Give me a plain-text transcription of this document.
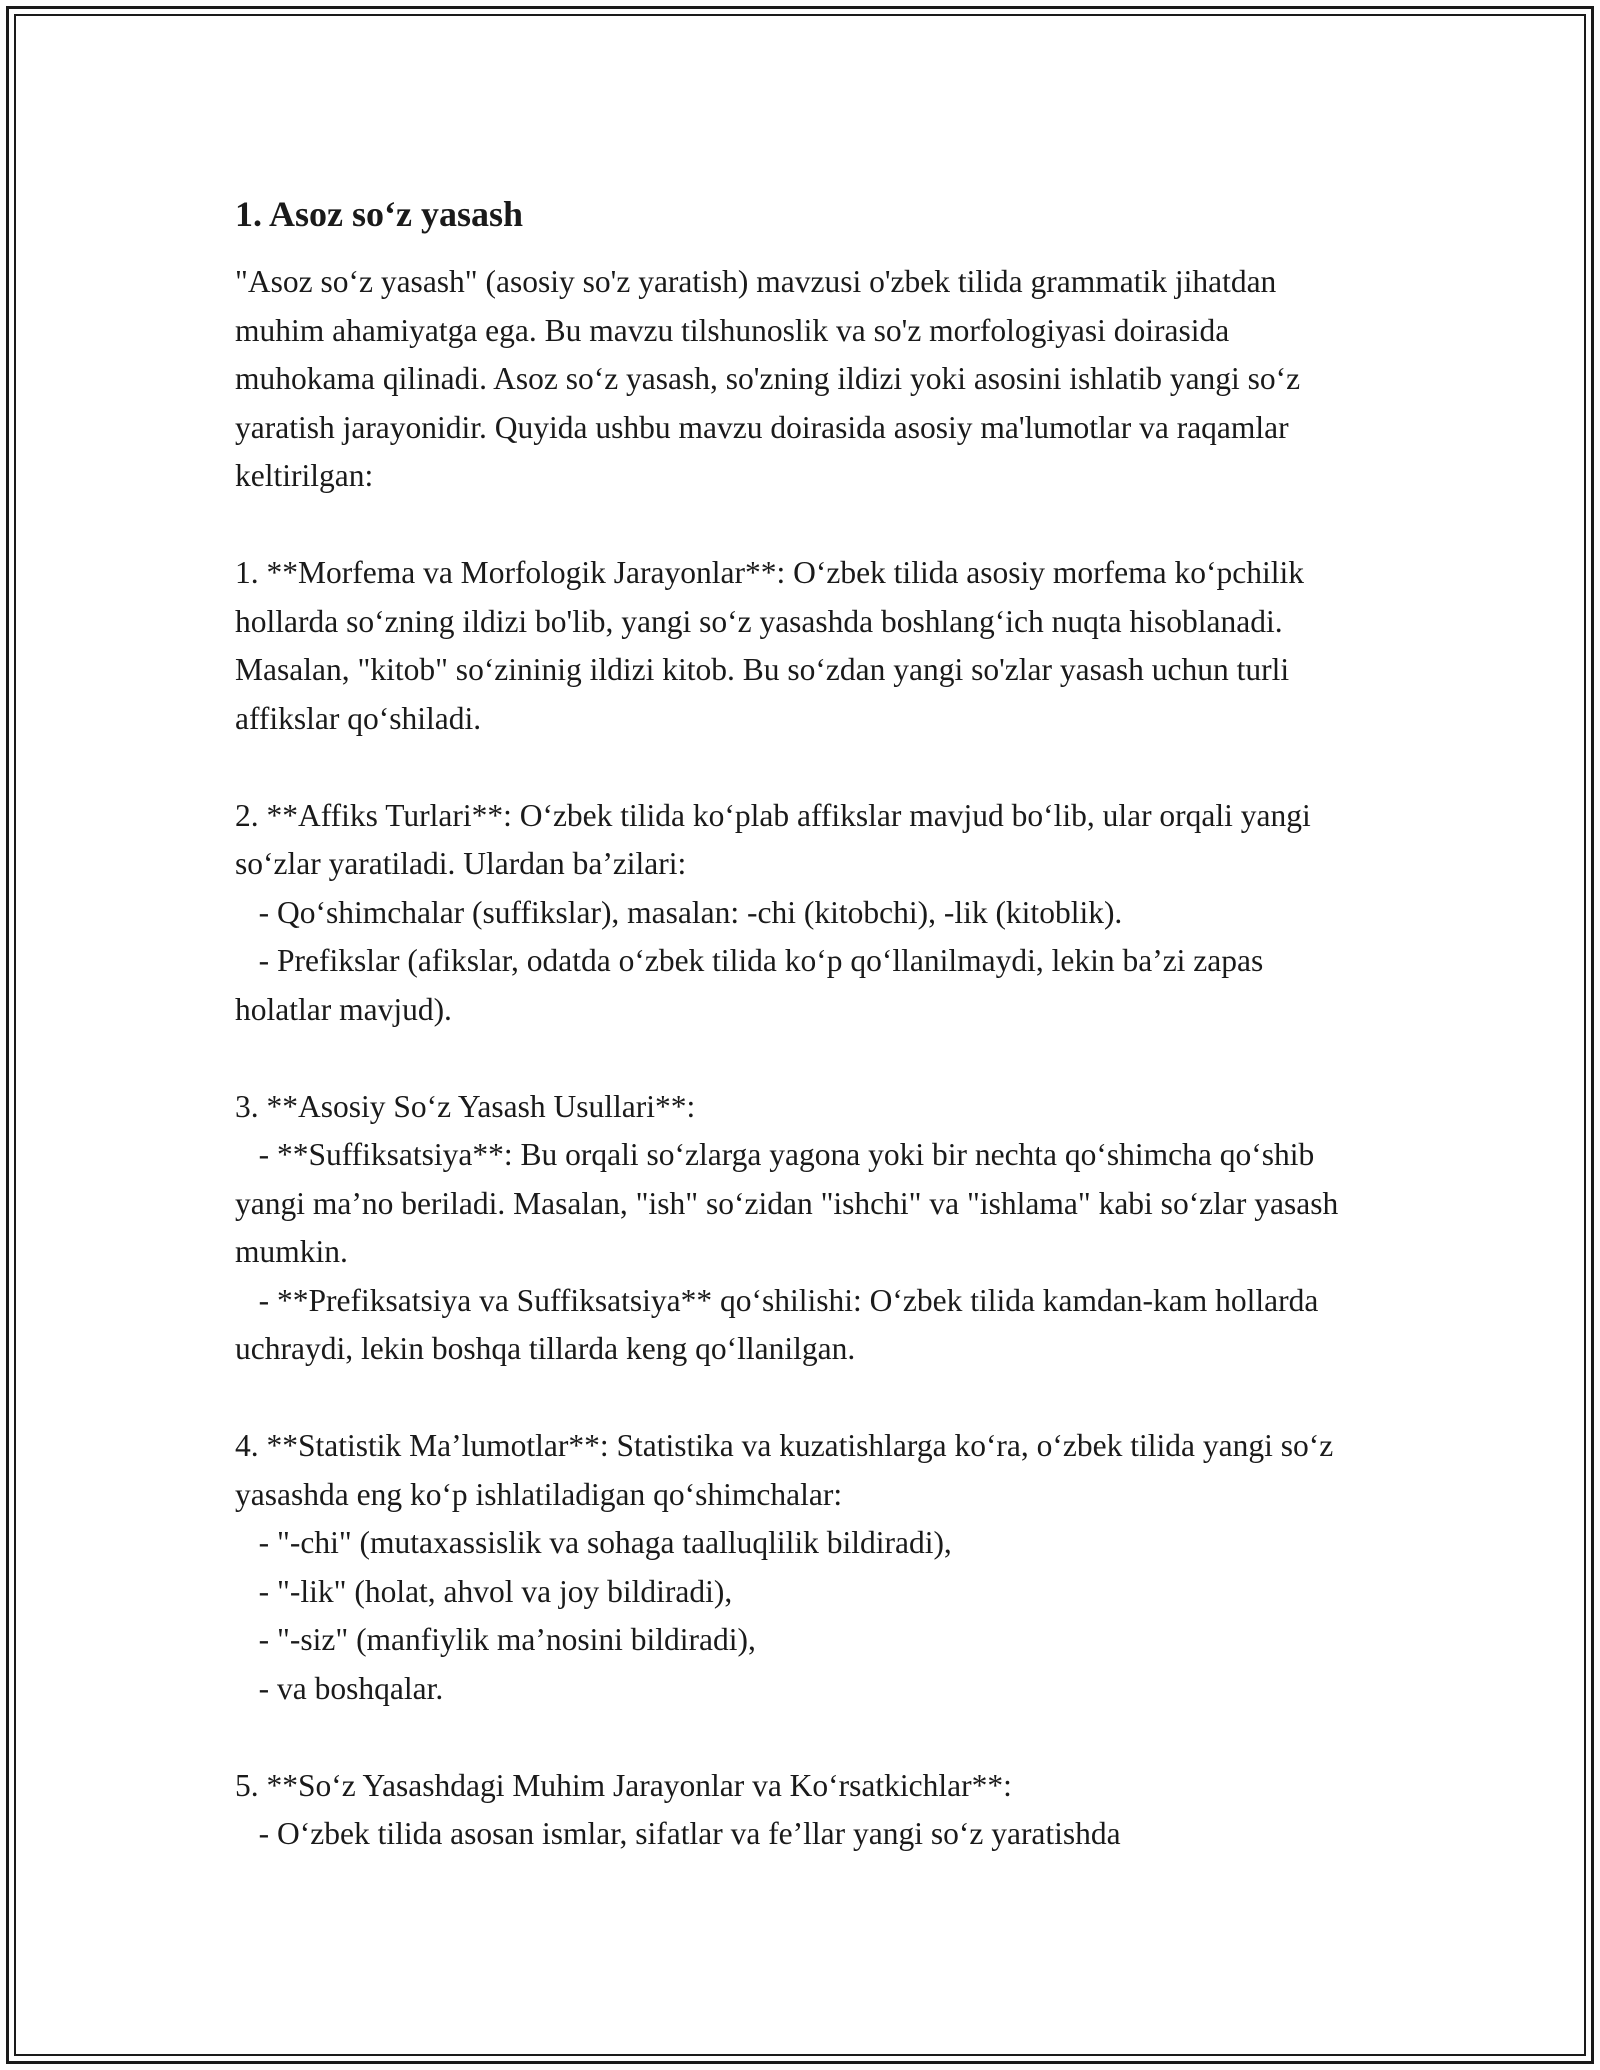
1. Asoz so‘z yasash

"Asoz so‘z yasash" (asosiy so'z yaratish) mavzusi o'zbek tilida grammatik jihatdan muhim ahamiyatga ega. Bu mavzu tilshunoslik va so'z morfologiyasi doirasida muhokama qilinadi. Asoz so‘z yasash, so'zning ildizi yoki asosini ishlatib yangi so‘z yaratish jarayonidir. Quyida ushbu mavzu doirasida asosiy ma'lumotlar va raqamlar keltirilgan:

1. **Morfema va Morfologik Jarayonlar**: O‘zbek tilida asosiy morfema ko‘pchilik hollarda so‘zning ildizi bo'lib, yangi so‘z yasashda boshlang‘ich nuqta hisoblanadi. Masalan, "kitob" so‘zininig ildizi kitob. Bu so‘zdan yangi so'zlar yasash uchun turli affikslar qo‘shiladi.

2. **Affiks Turlari**: O‘zbek tilida ko‘plab affikslar mavjud bo‘lib, ular orqali yangi so‘zlar yaratiladi. Ulardan ba’zilari:

- Qo‘shimchalar (suffikslar), masalan: -chi (kitobchi), -lik (kitoblik).

- Prefikslar (afikslar, odatda o‘zbek tilida ko‘p qo‘llanilmaydi, lekin ba’zi zapas holatlar mavjud).

3. **Asosiy So‘z Yasash Usullari**:

- **Suffiksatsiya**: Bu orqali so‘zlarga yagona yoki bir nechta qo‘shimcha qo‘shib yangi ma’no beriladi. Masalan, "ish" so‘zidan "ishchi" va "ishlama" kabi so‘zlar yasash mumkin.

- **Prefiksatsiya va Suffiksatsiya** qo‘shilishi: O‘zbek tilida kamdan-kam hollarda uchraydi, lekin boshqa tillarda keng qo‘llanilgan.

4. **Statistik Ma’lumotlar**: Statistika va kuzatishlarga ko‘ra, o‘zbek tilida yangi so‘z yasashda eng ko‘p ishlatiladigan qo‘shimchalar:

- "-chi" (mutaxassislik va sohaga taalluqlilik bildiradi),

- "-lik" (holat, ahvol va joy bildiradi),

- "-siz" (manfiylik ma’nosini bildiradi),

- va boshqalar.

5. **So‘z Yasashdagi Muhim Jarayonlar va Ko‘rsatkichlar**:

- O‘zbek tilida asosan ismlar, sifatlar va fe’llar yangi so‘z yaratishda
